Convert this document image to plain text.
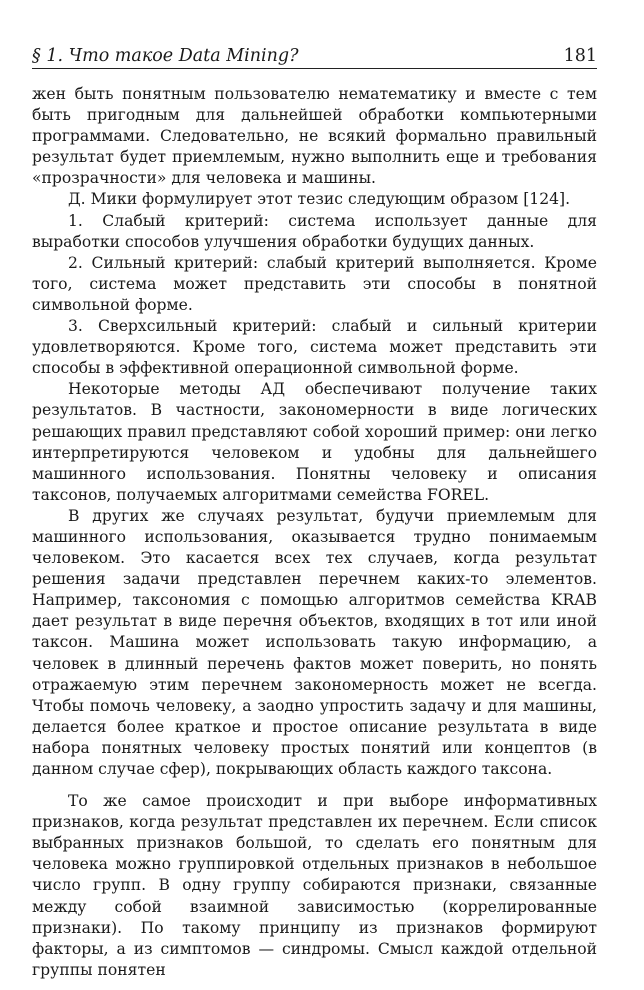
§ 1. Что такое Data Mining?	181

жен быть понятным пользователю нематематику и вместе с тем быть пригодным для дальнейшей обработки компьютерными программами. Следовательно, не всякий формально правильный результат будет приемлемым, нужно выполнить еще и требования «прозрачности» для человека и машины.

Д. Мики формулирует этот тезис следующим образом [124].

1. Слабый критерий: система использует данные для выработки способов улучшения обработки будущих данных.

2. Сильный критерий: слабый критерий выполняется. Кроме того, система может представить эти способы в понятной символьной форме.

3. Сверхсильный критерий: слабый и сильный критерии удовлетворяются. Кроме того, система может представить эти способы в эффективной операционной символьной форме.

Некоторые методы АД обеспечивают получение таких результатов. В частности, закономерности в виде логических решающих правил представляют собой хороший пример: они легко интерпретируются человеком и удобны для дальнейшего машинного использования. Понятны человеку и описания таксонов, получаемых алгоритмами семейства FOREL.

В других же случаях результат, будучи приемлемым для машинного использования, оказывается трудно понимаемым человеком. Это касается всех тех случаев, когда результат решения задачи представлен перечнем каких-то элементов. Например, таксономия с помощью алгоритмов семейства KRAB дает результат в виде перечня объектов, входящих в тот или иной таксон. Машина может использовать такую информацию, а человек в длинный перечень фактов может поверить, но понять отражаемую этим перечнем закономерность может не всегда. Чтобы помочь человеку, а заодно упростить задачу и для машины, делается более краткое и простое описание результата в виде набора понятных человеку простых понятий или концептов (в данном случае сфер), покрывающих область каждого таксона.

То же самое происходит и при выборе информативных признаков, когда результат представлен их перечнем. Если список выбранных признаков большой, то сделать его понятным для человека можно группировкой отдельных признаков в небольшое число групп. В одну группу собираются признаки, связанные между собой взаимной зависимостью (коррелированные признаки). По такому принципу из признаков формируют факторы, а из симптомов — синдромы. Смысл каждой отдельной группы понятен
